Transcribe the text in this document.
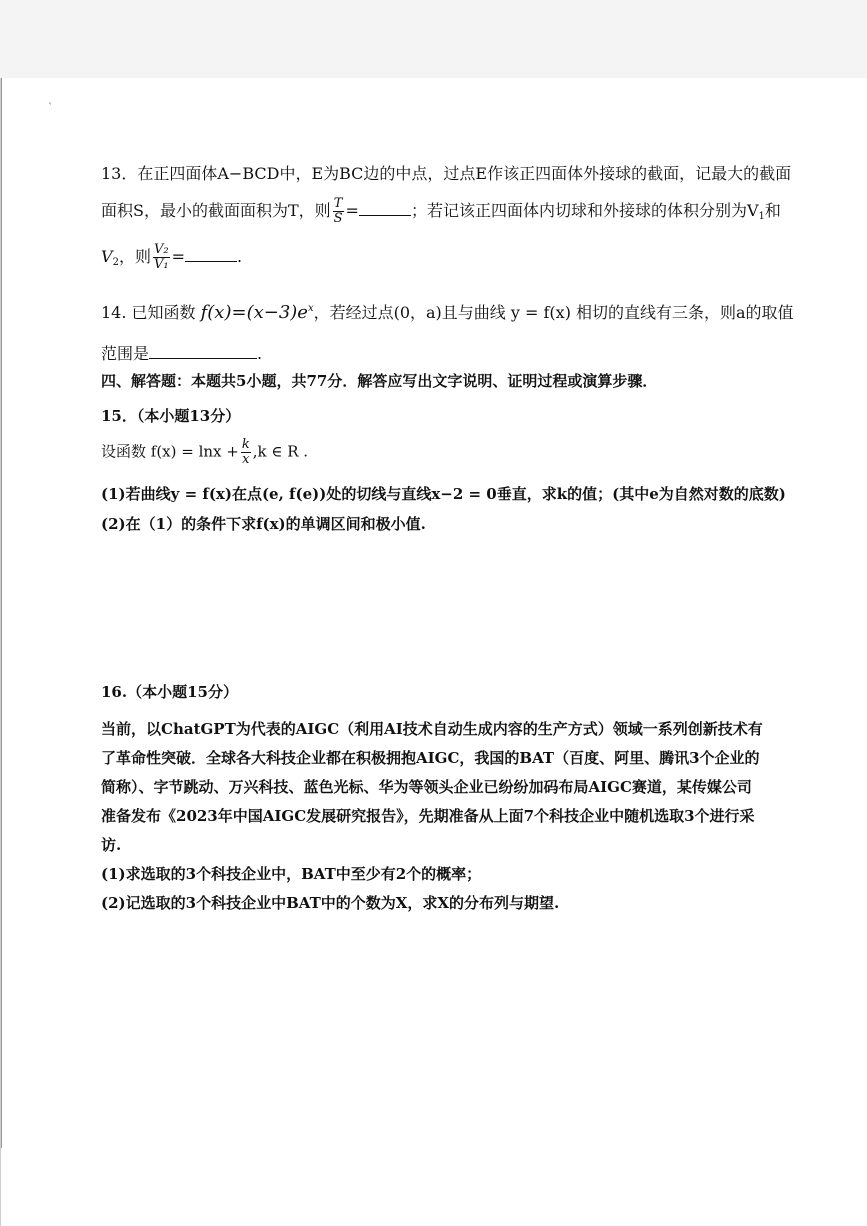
ˋ
13．在正四面体A−BCD中，E为BC边的中点，过点E作该正四面体外接球的截面，记最大的截面
面积S，最小的截面面积为T，则 $\frac{T}{S}$ =	；若记该正四面体内切球和外接球的体积分别为$V_1$和
$V_2$，则 $\frac{\text{V₂}}{\text{V₁}}$ =	.
14. 已知函数 $f(x)=(x-3)e^x$，若经过点(0，a)且与曲线 y = f(x) 相切的直线有三条，则a的取值
范围是	.
四、解答题：本题共5小题，共77分．解答应写出文字说明、证明过程或演算步骤．
15．（本小题13分）
设函数 $f(x) = \ln x + \frac{k}{x} ,k$ ∈ R .
(1)若曲线y = f(x)在点(e, f(e))处的切线与直线x−2 = 0垂直，求k的值；(其中e为自然对数的底数)
(2)在（1）的条件下求f(x)的单调区间和极小值.
16.（本小题15分）
当前，以ChatGPT为代表的AIGC（利用AI技术自动生成内容的生产方式）领域一系列创新技术有
了革命性突破．全球各大科技企业都在积极拥抱AIGC，我国的BAT（百度、阿里、腾讯3个企业的
简称）、字节跳动、万兴科技、蓝色光标、华为等领头企业已纷纷加码布局AIGC赛道，某传媒公司
准备发布《2023年中国AIGC发展研究报告》，先期准备从上面7个科技企业中随机选取3个进行采
访.
(1)求选取的3个科技企业中，BAT中至少有2个的概率；
(2)记选取的3个科技企业中BAT中的个数为X，求X的分布列与期望.
